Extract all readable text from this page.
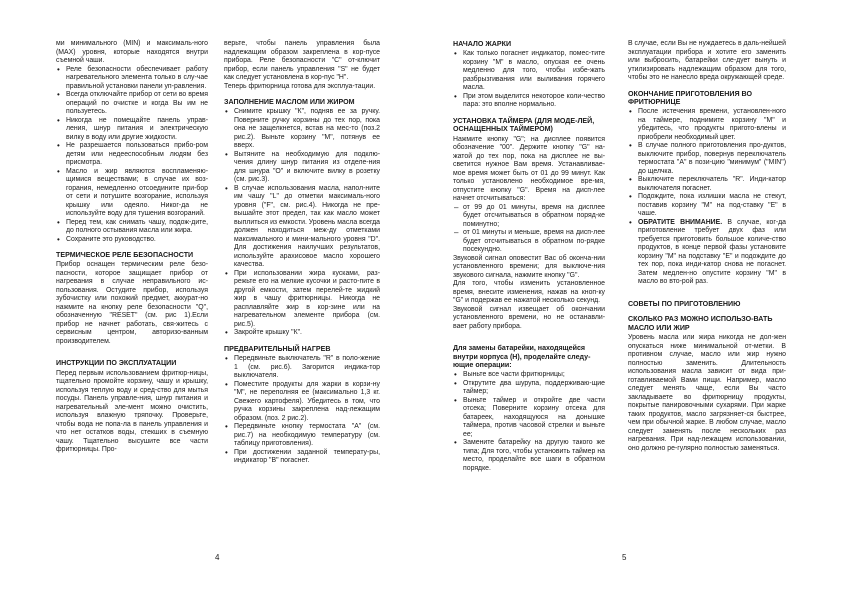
ми минимального (MIN) и максималь-ного (MAX) уровня, которые находятся внутри съемной чаши.

• Реле безопасности обеспечивает работу нагревательного элемента только в слу-чае правильной установки панели уп-равления.
• Всегда отключайте прибор от сети во время операций по очистке и когда Вы им не пользуетесь.
• Никогда не помещайте панель управ-ления, шнур питания и электрическую вилку в воду или другие жидкости.
• Не разрешается пользоваться прибо-ром детям или недееспособным людям без присмотра.
• Масло и жир являются воспламеняю-щимися веществами; в случае их воз-горания, немедленно отсоедините при-бор от сети и потушите возгорание, используя крышку или одеяло. Никог-да не используйте воду для тушения возгораний.
• Перед тем, как снимать чашу, подож-дите, до полного остывания масла или жира.
• Сохраните это руководство.
ТЕРМИЧЕСКОЕ РЕЛЕ БЕЗОПАСНОСТИ

Прибор оснащен термическим реле безо-пасности, которое защищает прибор от нагревания в случае неправильного ис-пользования. Остудите прибор, используя зубочистку или похожий предмет, аккурат-но нажмите на кнопку реле безопасности "Q", обозначенную "RESET" (см. рис 1).Если прибор не начнет работать, свя-житесь с сервисным центром, авторизо-ванным производителем.

ИНСТРУКЦИИ ПО ЭКСПЛУАТАЦИИ

Перед первым использованием фритюр-ницы, тщательно промойте корзину, чашу и крышку, используя теплую воду и сред-ство для мытья посуды. Панель управле-ния, шнур питания и нагревательный эле-мент можно очистить, используя влажную тряпочку. Проверьте, чтобы вода не попа-ла в панель управления и что нет остатков воды, стекших в съемную чашу. Тщательно высушите все части фритюрницы. Про-

верьте, чтобы панель управления была надлежащим образом закреплена в кор-пусе прибора. Реле безопасности "С" от-ключит прибор, если панель управления "S" не будет как следует установлена в кор-пус "Н".

Теперь фритюрница готова для эксплуа-тации.

ЗАПОЛНЕНИЕ МАСЛОМ ИЛИ ЖИРОМ
• Снимите крышку "К", подняв ее за ручку. Поверните ручку корзины до тех пор, пока она не защелкнется, встав на мес-то (поз.2 рис.2). Выньте корзину "М", потянув ее вверх.
• Вытяните на необходимую для подклю-чения длину шнур питания из отделе-ния для шнура "О" и включите вилку в розетку (см. рис.3).
• В случае использования масла, напол-ните им чашу "L" до отметки максималь-ного уровня ("F", см. рис.4). Никогда не пре-вышайте этот предел, так как масло может выплиться из емкости. Уровень масла всегда должен находиться меж-ду отметками максимального и мини-мального уровня "D". Для достижения наилучших результатов, используйте арахисовое масло хорошего качества.
• При использовании жира кусками, раз-режьте его на мелкие кусочки и раcто-пите в другой емкости, затем перелей-те жидкий жир в чашу фритюрницы. Никогда не расплавляйте жир в кор-зине или на нагревательном элементе прибора (см. рис.5).
• Закройте крышку "К".
ПРЕДВАРИТЕЛЬНЫЙ НАГРЕВ
• Передвиньте выключатель "R" в поло-жение 1 (см. рис.6). Загорится индика-тор выключателя.
• Поместите продукты для жарки в корзи-ну "М", не переполняя ее (максимально 1,3 кг. Свежего картофеля). Убедитесь в том, что ручка корзины закреплена над-лежащим образом. (поз. 2 рис.2).
• Передвиньте кнопку термостата "А" (см. рис.7) на необходимую температуру (см. таблицу приготовления).
• При достижении заданной температу-ры, индикатор "B" погаснет.
4
НАЧАЛО ЖАРКИ
• Как только погаснет индикатор, помес-тите корзину "М" в масло, опуская ее очень медленно для того, чтобы избе-жать разбрызгивания или выливания горячего масла.
• При этом выделится некоторое коли-чество пара: это вполне нормально.
УСТАНОВКА ТАЙМЕРА (ДЛЯ МОДЕ-ЛЕЙ, ОСНАЩЕННЫХ ТАЙМЕРОМ)

Нажмите кнопку "G"; на дисплее появится обозначение "00". Держите кнопку "G" на-жатой до тех пор, пока на дисплее не вы-светится нужное Вам время. Устанавливае-мое время может быть от 01 до 99 минут. Как только установлено необходимое вре-мя, отпустите кнопку "G". Время на дисп-лее начнет отсчитываться:

– от 99 до 01 минуты, время на дисплее будет отсчитываться в обратном поряд-ке поминутно;
– от 01 минуты и меньше, время на дисп-лее будет отсчитываться в обратном по-рядке посекундно.

Звуковой сигнал оповестит Вас об оконча-нии установленного времени; для выключе-ния звукового сигнала, нажмите кнопку "G".

Для того, чтобы изменить установленное время, внесите изменения, нажав на кноп-ку "G" и подержав ее нажатой несколько секунд.

Звуковой сигнал извещает об окончании установленного времени, но не останавли-вает работу прибора.

Для замены батарейки, находящейся внутри корпуса (Н), проделайте следу-ющие операции:
• Выньте все части фритюрницы;
• Открутите два шурупа, поддерживаю-щие таймер;
• Выньте таймер и откройте две части отсека; Поверните корзину отсека для батареек, находящуюся на донышке таймера, против часовой стрелки и выньте ее;
• Замените батарейку на другую такого же типа; Для того, чтобы установить таймер на место, проделайте все шаги в обратном порядке.

В случае, если Вы не нуждаетесь в даль-нейшей эксплуатации прибора и хотите его заменить или выбросить, батарейки сле-дует вынуть и утилизировать надлежащим образом для того, чтобы это не нанесло вреда окружающей среде.

ОКОНЧАНИЕ ПРИГОТОВЛЕНИЯ ВО ФРИТЮРНИЦЕ
• После истечения времени, установлен-ного на таймере, поднимите корзину "М" и убедитесь, что продукты пригото-влены и приобрели необходимый цвет.
• В случае полного приготовления про-дуктов, выключите прибор, повернув переключатель термостата "А" в пози-цию "минимум" ("MIN") до щелчка.
• Выключите переключатель "R". Инди-катор выключателя погаснет.
• Подождите, пока излишки масла не стекут, поставив корзину "М" на под-ставку "Е" в чаше.
• ОБРАТИТЕ ВНИМАНИЕ. В случае, ког-да приготовление требует двух фаз или требуется приготовить большое количе-ство продуктов, в конце первой фазы установите корзину "М" на подставку "Е" и подождите до тех пор, пока инди-катор снова не погаснет. Затем медлен-но опустите корзину "М" в масло во вто-рой раз.
СОВЕТЫ ПО ПРИГОТОВЛЕНИЮ
СКОЛЬКО РАЗ МОЖНО ИСПОЛЬЗО-ВАТЬ МАСЛО ИЛИ ЖИР

Уровень масла или жира никогда не дол-жен опускаться ниже минимальной от-метки. В противном случае, масло или жир нужно полностью заменить. Длительность использования масла зависит от вида при-готавливаемой Вами пищи. Например, масло следует менять чаще, если Вы часто закладываете во фритюрницу продукты, покрытые панировочными сухарями. При жарке таких продуктов, масло загрязняет-ся быстрее, чем при обычной жарке. В любом случае, масло следует заменять после нескольких раз нагревания. При над-лежащем использовании, оно должно ре-гулярно полностью заменяться.

5
